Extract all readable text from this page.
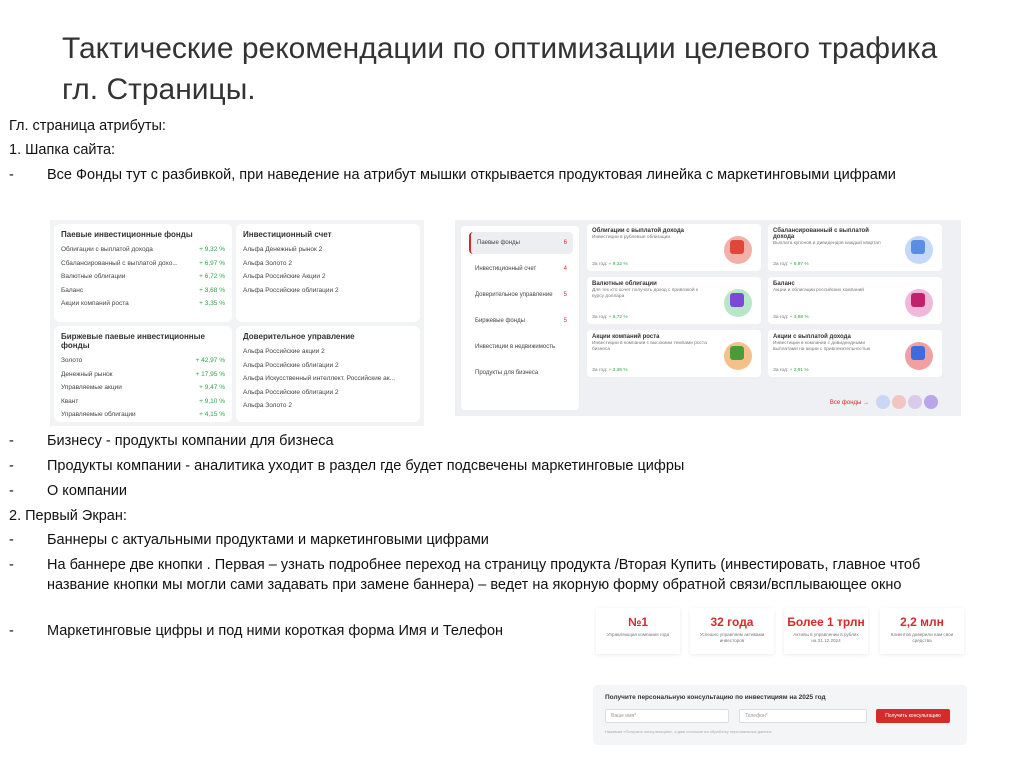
Тактические рекомендации по оптимизации целевого трафика гл. Страницы.
Гл. страница атрибуты:
1. Шапка сайта:
- Все Фонды тут с разбивкой, при наведение на атрибут мышки открывается продуктовая линейка с маркетинговыми цифрами
Паевые инвестиционные фонды
Облигации с выплатой дохода	+ 9,32 %
Сбалансированный с выплатой дохо...	+ 6,97 %
Валютные облигации	+ 6,72 %
Баланс	+ 3,68 %
Акции компаний роста	+ 3,35 %
Инвестиционный счет
Альфа Денежный рынок 2
Альфа Золото 2
Альфа Российские Акции 2
Альфа Российские облигации 2
Биржевые паевые инвестиционные фонды
Золото	+ 42,97 %
Денежный рынок	+ 17,95 %
Управляемые акции	+ 9,47 %
Квант	+ 9,10 %
Управляемые облигации	+ 4,15 %
Доверительное управление
Альфа Российские акции 2
Альфа Российские облигации 2
Альфа Искусственный интеллект. Российские ак...
Альфа Российские облигации 2
Альфа Золото 2
Паевые фонды	6
Инвестиционный счет	4
Доверительное управление 5
Биржевые фонды	5
Инвестиции в недвижимость
Продукты для бизнеса
Облигации с выплатой дохода
Инвестиции в рублевые облигации
За год: + 9,32 %
Сбалансированный с выплатой дохода
Выплата купонов и дивидендов каждый квартал
За год: + 6,97 %
Валютные облигации
Для тех кто хочет получать доход с привязкой к курсу доллара
За год: + 6,72 %
Баланс
Акции и облигации российских компаний
За год: + 3,68 %
Акции компаний роста
Инвестиции в компании с высокими темпами роста бизнеса
За год: + 3,35 %
Акции с выплатой дохода
Инвестиции в компании с дивидендными выплатами на акции с привлекательностью
За год: + 2,91 %
Все фонды →
- Бизнесу - продукты компании для бизнеса
- Продукты компании - аналитика уходит в раздел где будет подсвечены маркетинговые цифры
- О компании
2. Первый Экран:
- Баннеры с актуальными продуктами и маркетинговыми цифрами
- На баннере две кнопки . Первая – узнать подробнее переход на страницу продукта /Вторая Купить (инвестировать, главное чтоб название кнопки мы могли сами задавать при замене баннера) – ведет на якорную форму обратной связи/всплывающее окно
- Маркетинговые цифры и под ними короткая форма Имя и Телефон
№1
Управляющая компания года
32 года
Успешно управляем активами инвесторов
Более 1 трлн
Активы в управлении в рублях на 31.12.2024
2,2 млн
Клиентов доверили нам свои средства
Получите персональную консультацию по инвестициям на 2025 год
Ваше имя*	Телефон*	Получить консультацию
Нажимая «Получить консультацию», я даю согласие на обработку персональных данных
